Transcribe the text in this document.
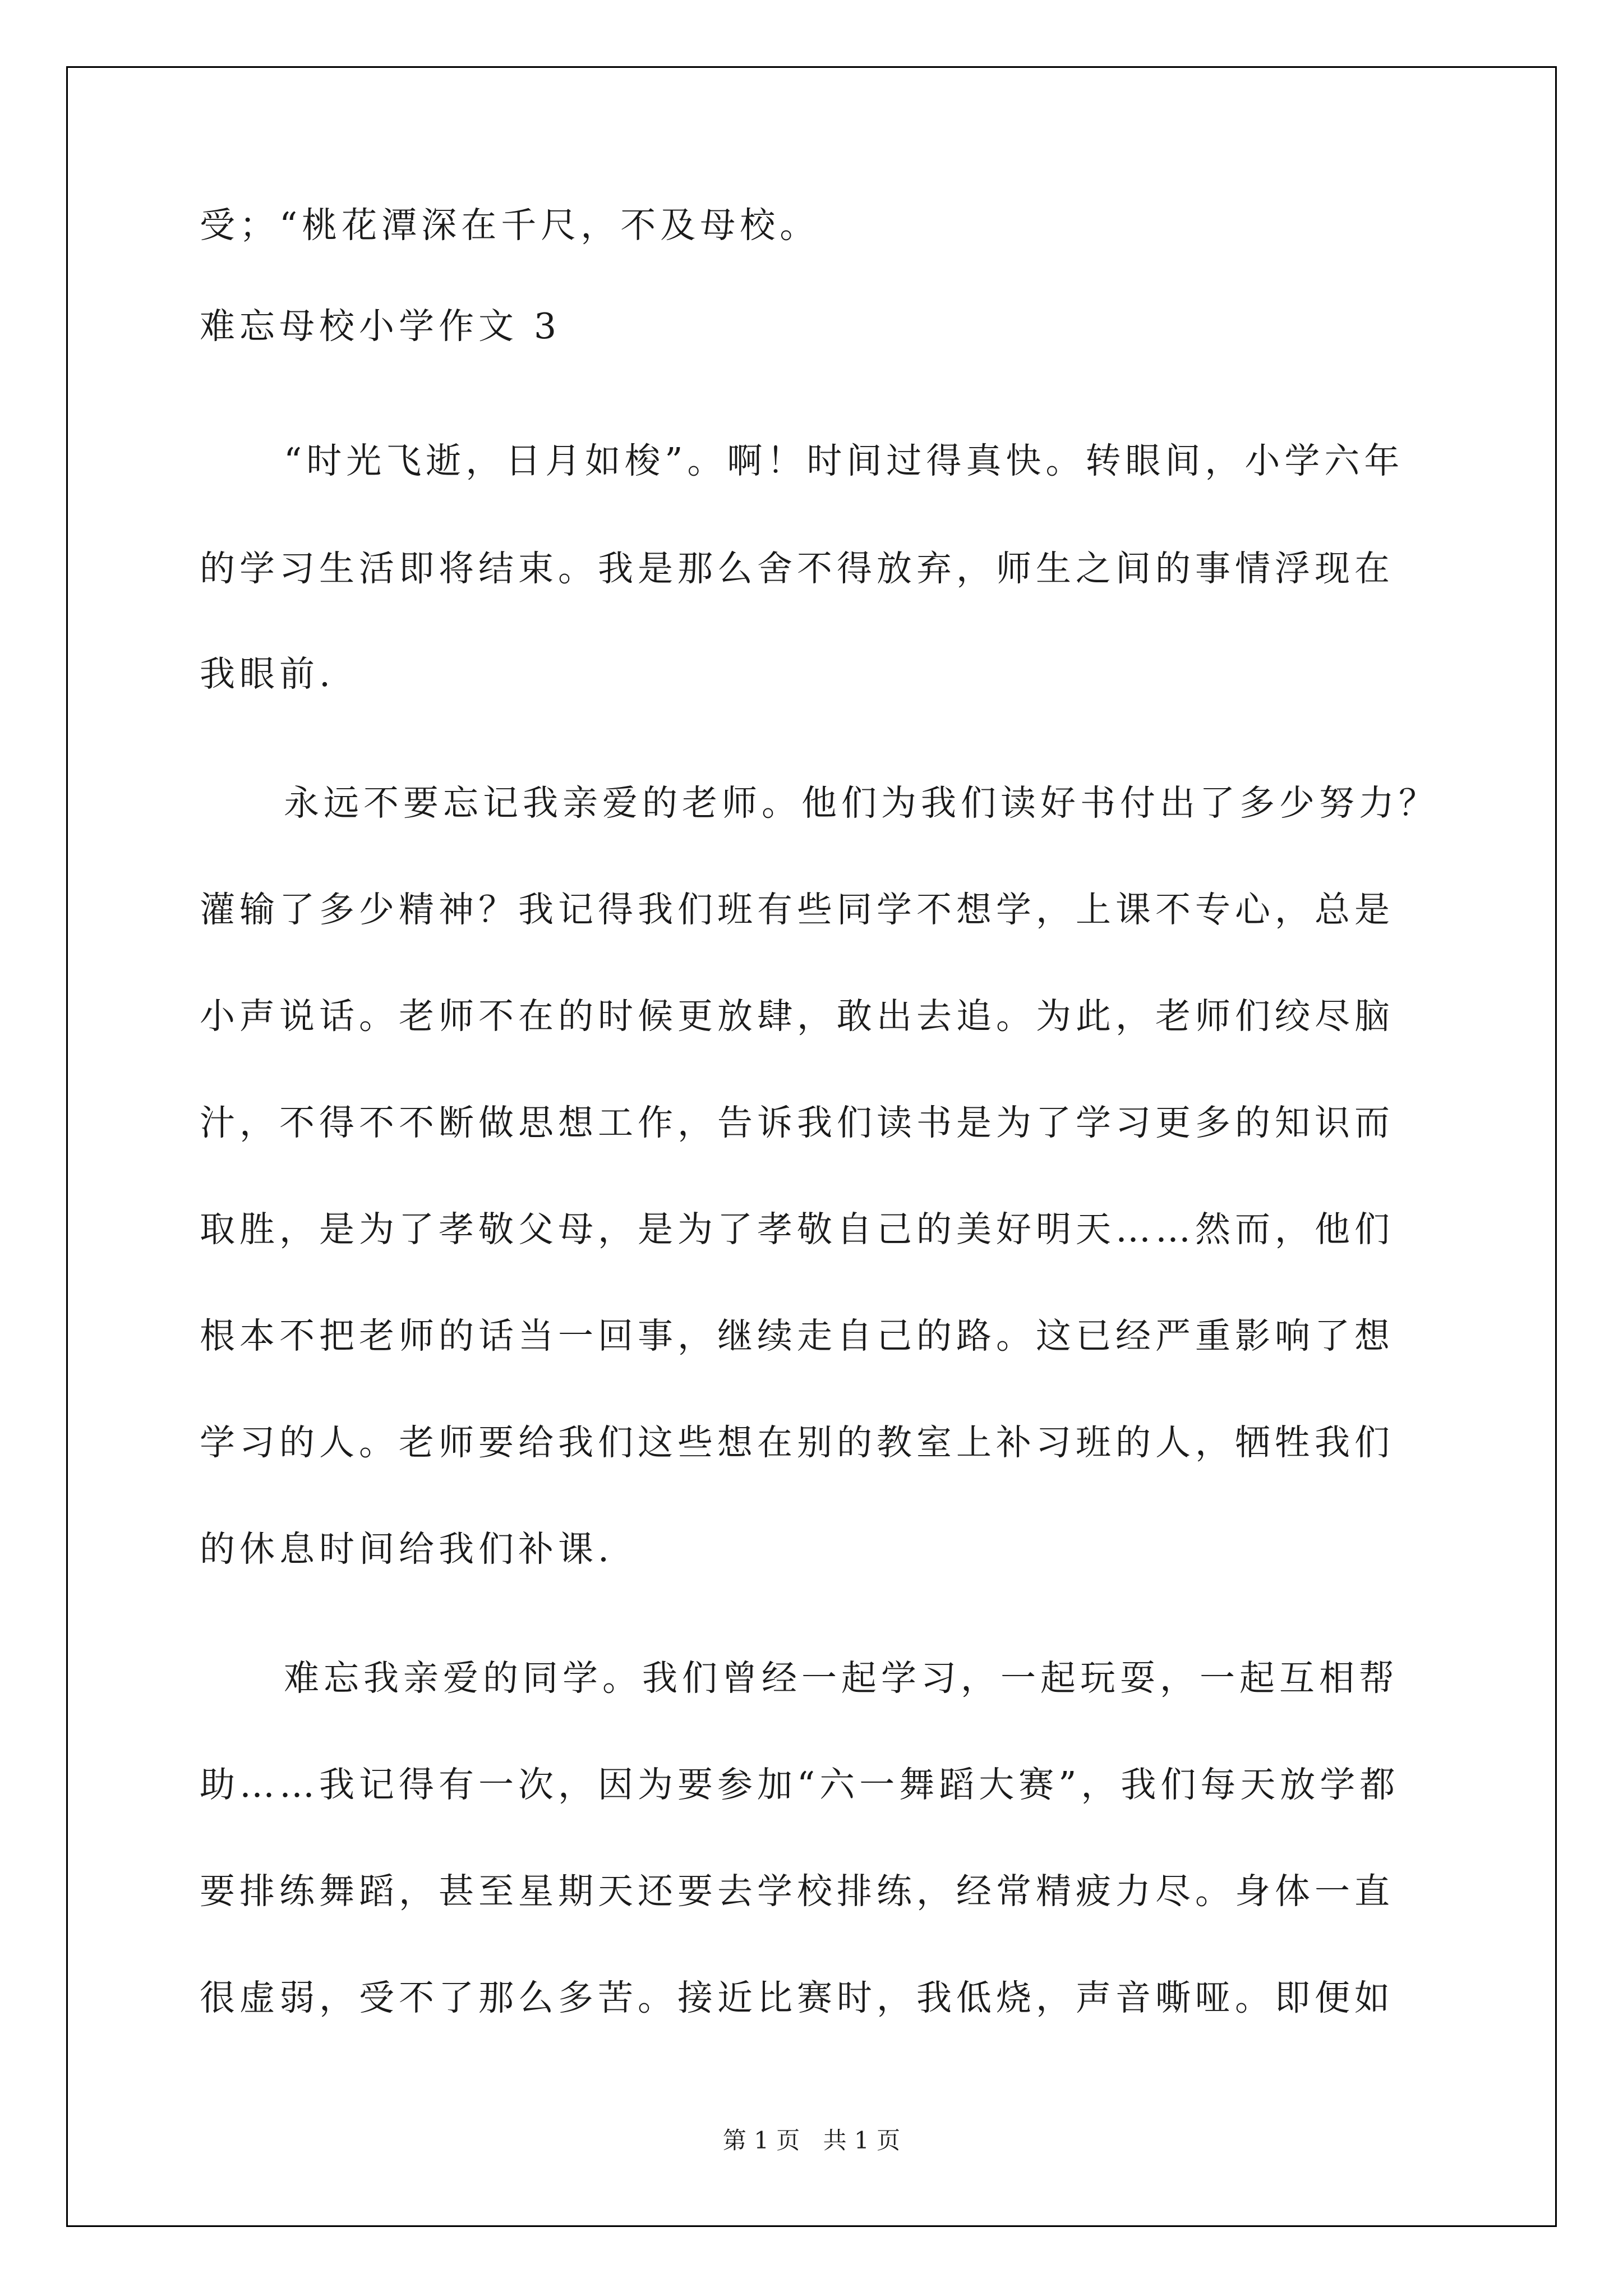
受；“桃花潭深在千尺，不及母校。
难忘母校小学作文 3
“时光飞逝，日月如梭”。啊！时间过得真快。转眼间，小学六年
的学习生活即将结束。我是那么舍不得放弃，师生之间的事情浮现在
我眼前.
永远不要忘记我亲爱的老师。他们为我们读好书付出了多少努力？
灌输了多少精神？我记得我们班有些同学不想学，上课不专心，总是
小声说话。老师不在的时候更放肆，敢出去追。为此，老师们绞尽脑
汁，不得不不断做思想工作，告诉我们读书是为了学习更多的知识而
取胜，是为了孝敬父母，是为了孝敬自己的美好明天……然而，他们
根本不把老师的话当一回事，继续走自己的路。这已经严重影响了想
学习的人。老师要给我们这些想在别的教室上补习班的人，牺牲我们
的休息时间给我们补课.
难忘我亲爱的同学。我们曾经一起学习，一起玩耍，一起互相帮
助……我记得有一次，因为要参加“六一舞蹈大赛”，我们每天放学都
要排练舞蹈，甚至星期天还要去学校排练，经常精疲力尽。身体一直
很虚弱，受不了那么多苦。接近比赛时，我低烧，声音嘶哑。即便如
第 1 页 共 1 页
